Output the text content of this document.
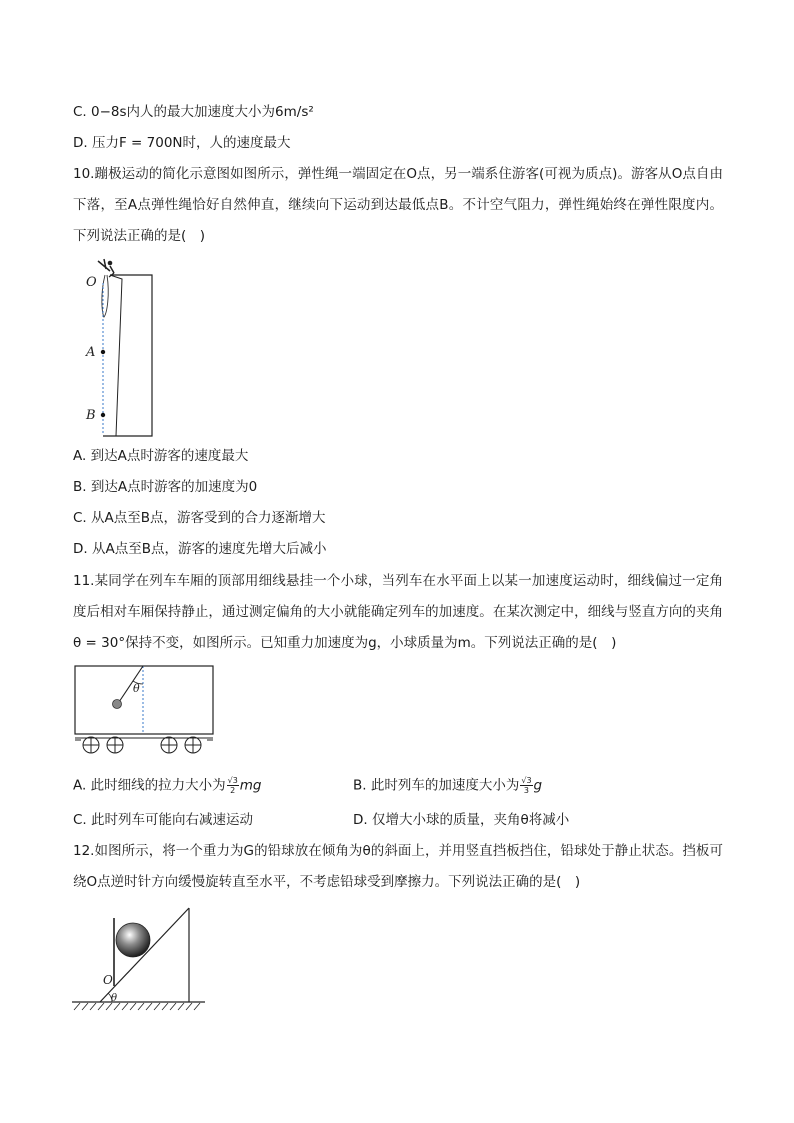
C. 0−8s内人的最大加速度大小为6m/s²
D. 压力F = 700N时，人的速度最大
10.蹦极运动的简化示意图如图所示，弹性绳一端固定在O点，另一端系住游客(可视为质点)。游客从O点自由下落，至A点弹性绳恰好自然伸直，继续向下运动到达最低点B。不计空气阻力，弹性绳始终在弹性限度内。下列说法正确的是(　)
O
A
B
A. 到达A点时游客的速度最大
B. 到达A点时游客的加速度为0
C. 从A点至B点，游客受到的合力逐渐增大
D. 从A点至B点，游客的速度先增大后减小
11.某同学在列车车厢的顶部用细线悬挂一个小球，当列车在水平面上以某一加速度运动时，细线偏过一定角度后相对车厢保持静止，通过测定偏角的大小就能确定列车的加速度。在某次测定中，细线与竖直方向的夹角θ = 30°保持不变，如图所示。已知重力加速度为g，小球质量为m。下列说法正确的是(　)
θ
A. 此时细线的拉力大小为 $\frac{√3}{2}$ mg	B. 此时列车的加速度大小为 $\frac{√3}{3}$ g
C. 此时列车可能向右减速运动	D. 仅增大小球的质量，夹角θ将减小
12.如图所示，将一个重力为G的铅球放在倾角为θ的斜面上，并用竖直挡板挡住，铅球处于静止状态。挡板可绕O点逆时针方向缓慢旋转直至水平，不考虑铅球受到摩擦力。下列说法正确的是(　)
O
θ
